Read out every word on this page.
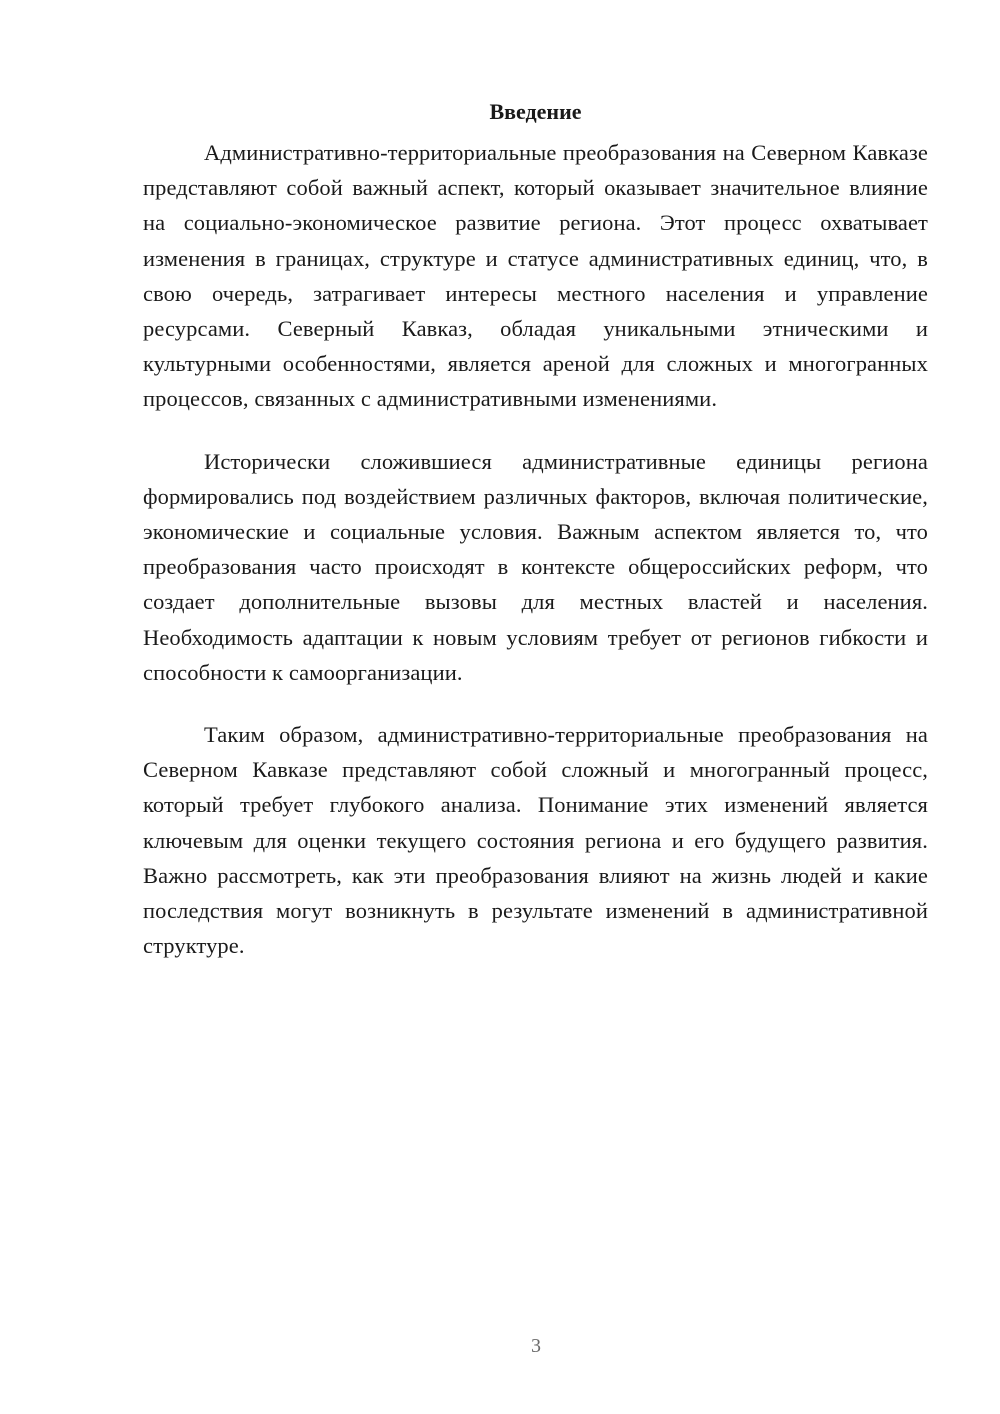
Введение

Административно-территориальные преобразования на Северном Кавказе представляют собой важный аспект, который оказывает значительное влияние на социально-экономическое развитие региона. Этот процесс охватывает изменения в границах, структуре и статусе административных единиц, что, в свою очередь, затрагивает интересы местного населения и управление ресурсами. Северный Кавказ, обладая уникальными этническими и культурными особенностями, является ареной для сложных и многогранных процессов, связанных с административными изменениями.

Исторически сложившиеся административные единицы региона формировались под воздействием различных факторов, включая политические, экономические и социальные условия. Важным аспектом является то, что преобразования часто происходят в контексте общероссийских реформ, что создает дополнительные вызовы для местных властей и населения. Необходимость адаптации к новым условиям требует от регионов гибкости и способности к самоорганизации.

Таким образом, административно-территориальные преобразования на Северном Кавказе представляют собой сложный и многогранный процесс, который требует глубокого анализа. Понимание этих изменений является ключевым для оценки текущего состояния региона и его будущего развития. Важно рассмотреть, как эти преобразования влияют на жизнь людей и какие последствия могут возникнуть в результате изменений в административной структуре.

3
